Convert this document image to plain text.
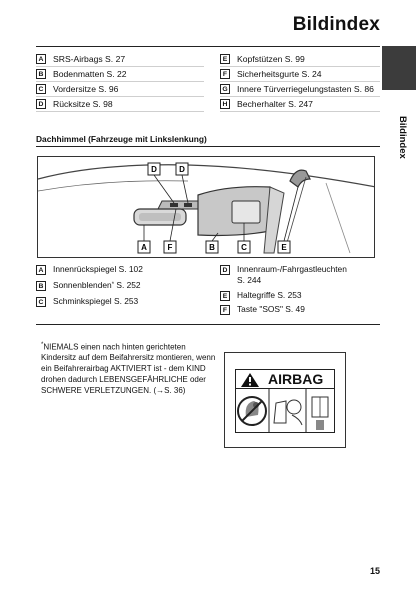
Bildindex
Bildindex
A SRS-Airbags S. 27
B Bodenmatten S. 22
C Vordersitze S. 96
D Rücksitze S. 98
E	Kopfstützen S. 99
F	Sicherheitsgurte S. 24
G Innere Türverriegelungstasten S. 86
H Becherhalter S. 247
Dachhimmel (Fahrzeuge mit Linkslenkung)
D	D
A	F	B	C	E
A	Innenrückspiegel S. 102
B	Sonnenblenden * S. 252
C	Schminkspiegel S. 253
D	Innenraum-/Fahrgastleuchten
S. 244
E	Haltegriffe S. 253
F	Taste "SOS" S. 49
*NIEMALS einen nach hinten gerichteten Kindersitz auf dem Beifahrersitz montieren, wenn ein Beifahrerairbag AKTIVIERT ist - dem KIND drohen dadurch LEBENSGEFÄHRLICHE oder SCHWERE VERLETZUNGEN. (→S. 36)
AIRBAG
15
